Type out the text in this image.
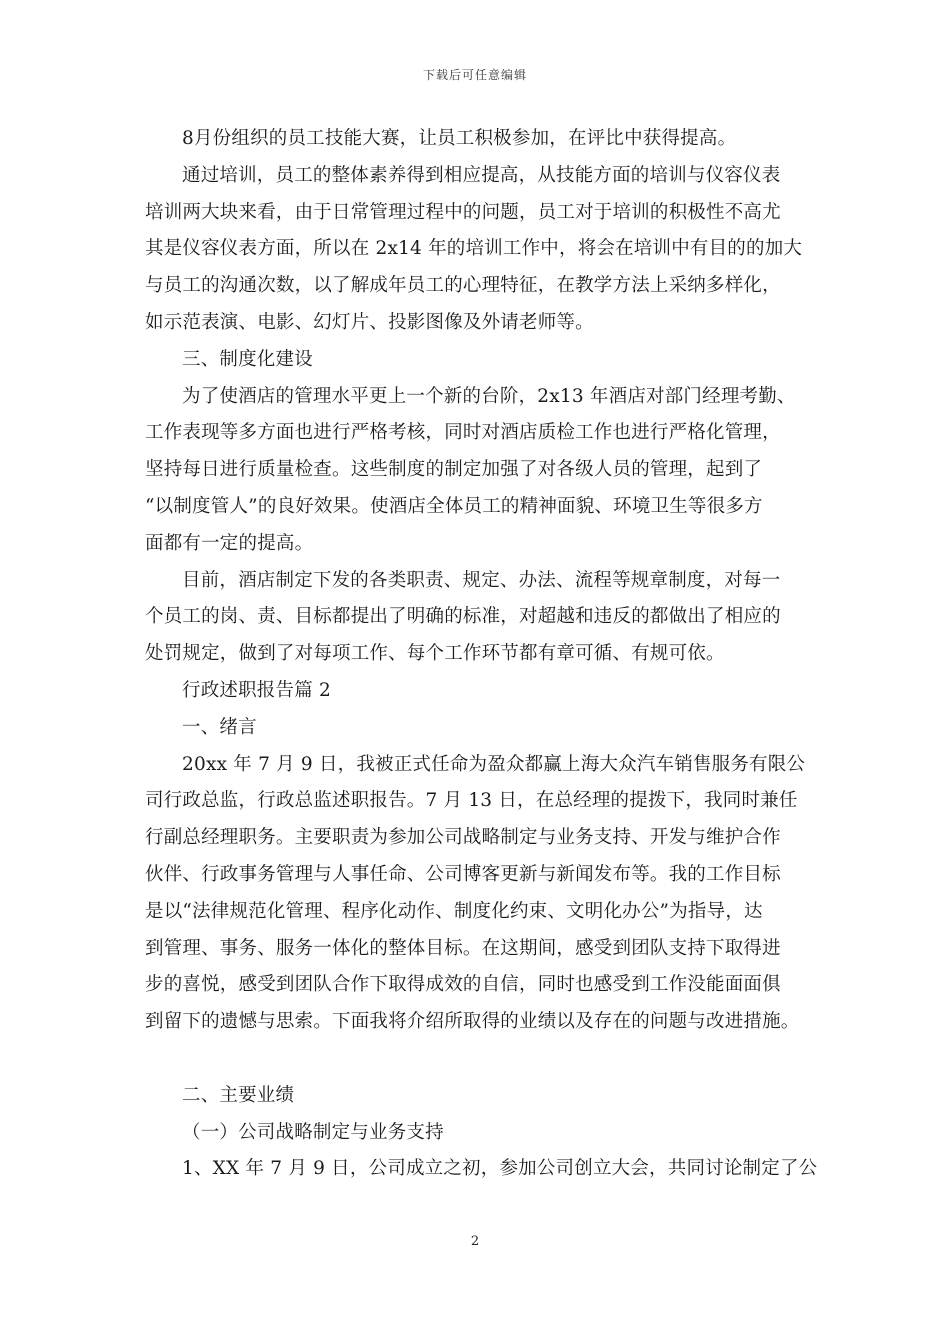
下载后可任意编辑
8月份组织的员工技能大赛，让员工积极参加，在评比中获得提高。
通过培训，员工的整体素养得到相应提高，从技能方面的培训与仪容仪表
培训两大块来看，由于日常管理过程中的问题，员工对于培训的积极性不高尤
其是仪容仪表方面，所以在 2x14 年的培训工作中，将会在培训中有目的的加大
与员工的沟通次数，以了解成年员工的心理特征，在教学方法上采纳多样化，
如示范表演、电影、幻灯片、投影图像及外请老师等。
三、制度化建设
为了使酒店的管理水平更上一个新的台阶，2x13 年酒店对部门经理考勤、
工作表现等多方面也进行严格考核，同时对酒店质检工作也进行严格化管理，
坚持每日进行质量检查。这些制度的制定加强了对各级人员的管理，起到了
“以制度管人”的良好效果。使酒店全体员工的精神面貌、环境卫生等很多方
面都有一定的提高。
目前，酒店制定下发的各类职责、规定、办法、流程等规章制度，对每一
个员工的岗、责、目标都提出了明确的标准，对超越和违反的都做出了相应的
处罚规定，做到了对每项工作、每个工作环节都有章可循、有规可依。
行政述职报告篇 2
一、绪言
20xx 年 7 月 9 日，我被正式任命为盈众都赢上海大众汽车销售服务有限公
司行政总监，行政总监述职报告。7 月 13 日，在总经理的提拨下，我同时兼任
行副总经理职务。主要职责为参加公司战略制定与业务支持、开发与维护合作
伙伴、行政事务管理与人事任命、公司博客更新与新闻发布等。我的工作目标
是以“法律规范化管理、程序化动作、制度化约束、文明化办公”为指导，达
到管理、事务、服务一体化的整体目标。在这期间，感受到团队支持下取得进
步的喜悦，感受到团队合作下取得成效的自信，同时也感受到工作没能面面俱
到留下的遗憾与思索。下面我将介绍所取得的业绩以及存在的问题与改进措施。
二、主要业绩
（一）公司战略制定与业务支持
1、XX 年 7 月 9 日，公司成立之初，参加公司创立大会，共同讨论制定了公
2
